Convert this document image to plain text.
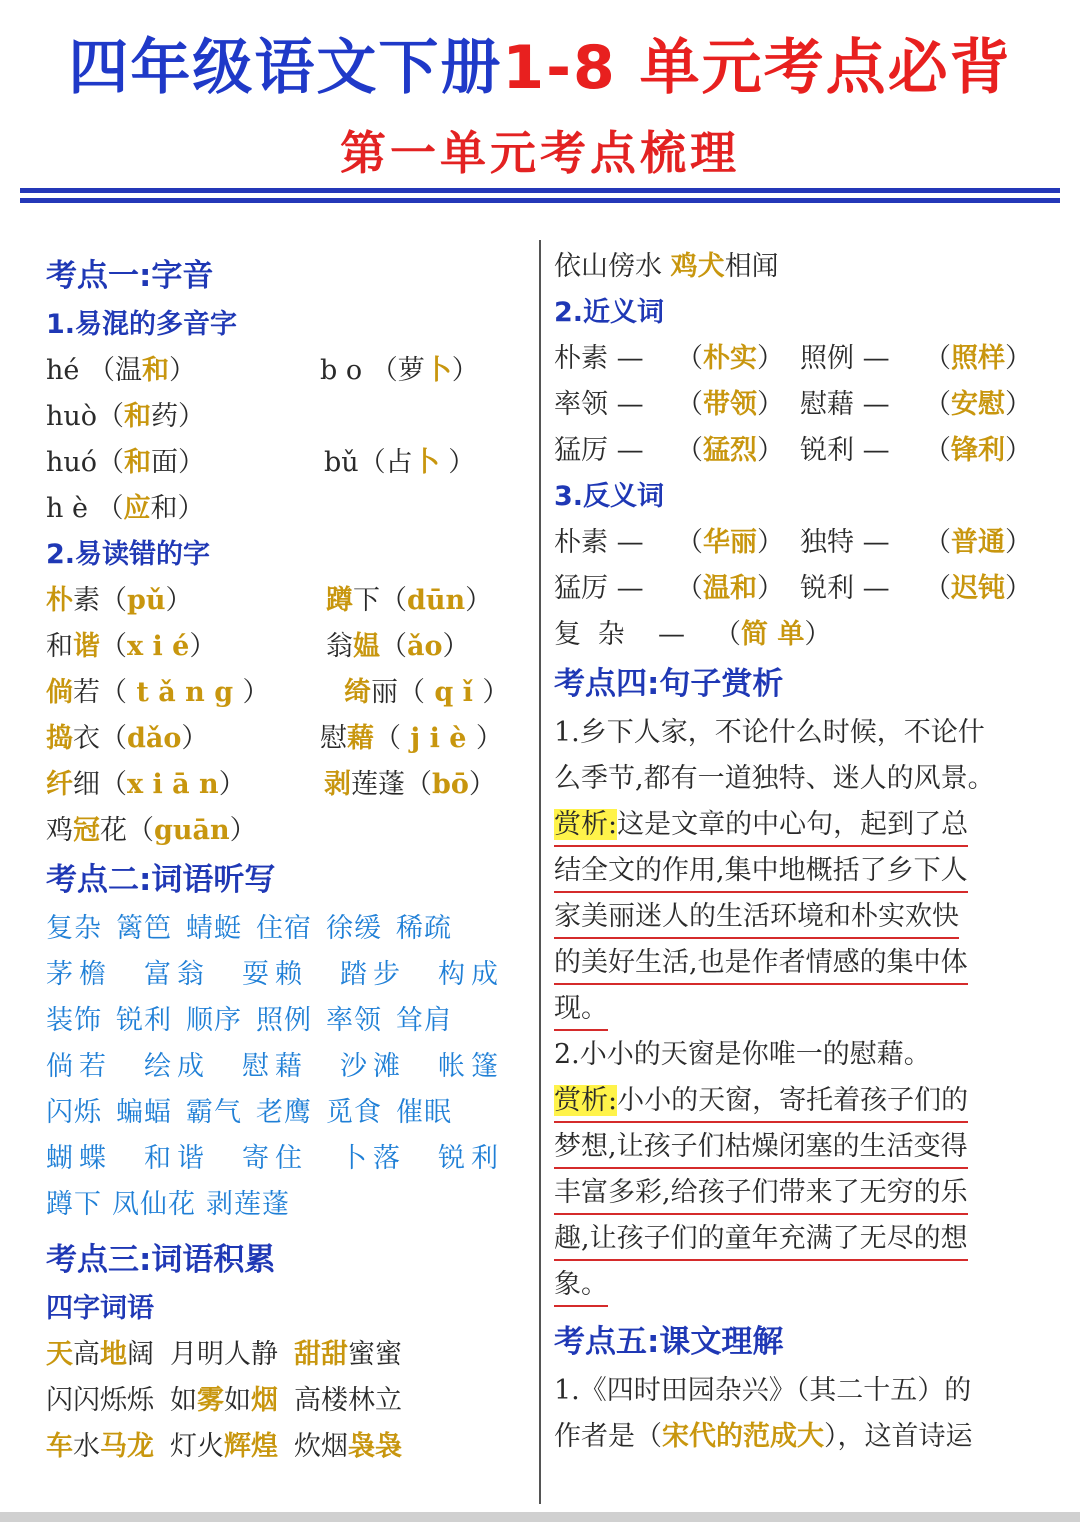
四年级语文下册1-8 单元考点必背
第一单元考点梳理
考点一:字音
1.易混的多音字
hé （温和）	b o （萝卜）
huò（和药）
huó（和面）	bǔ（占卜 ）
h è （应和）
2.易读错的字
朴素（pǔ）	蹲下（dūn）
和谐（x i é）	翁媪（ǎo）
倘若（ t ǎ n g ）	绮丽（ q ǐ ）
捣衣（dǎo）	慰藉（ j i è ）
纤细（x i ā n）	剥莲蓬（bō）
鸡冠花（guān）
考点二:词语听写
复杂 篱笆 蜻蜓 住宿 徐缓 稀疏
茅檐 富翁 耍赖 踏步 构成
装饰 锐利 顺序 照例 率领 耸肩
倘若 绘成 慰藉 沙滩 帐篷
闪烁 蝙蝠 霸气 老鹰 觅食 催眠
蝴蝶 和谐 寄住 卜落 锐利
蹲下 凤仙花 剥莲蓬
考点三:词语积累
四字词语
天高地阔 月明人静 甜甜蜜蜜
闪闪烁烁 如雾如烟 高楼林立
车水马龙 灯火辉煌 炊烟袅袅
依山傍水 鸡犬相闻
2.近义词
朴素 — （朴实） 照例 — （照样）
率领 — （带领） 慰藉 — （安慰）
猛厉 — （猛烈） 锐利 — （锋利）
3.反义词
朴素 — （华丽） 独特 — （普通）
猛厉 — （温和） 锐利 — （迟钝）
复 杂 — （简 单）
考点四:句子赏析
1.乡下人家，不论什么时候，不论什
么季节,都有一道独特、迷人的风景。
赏析:这是文章的中心句，起到了总
结全文的作用,集中地概括了乡下人
家美丽迷人的生活环境和朴实欢快
的美好生活,也是作者情感的集中体
现。
2.小小的天窗是你唯一的慰藉。
赏析:小小的天窗，寄托着孩子们的
梦想,让孩子们枯燥闭塞的生活变得
丰富多彩,给孩子们带来了无穷的乐
趣,让孩子们的童年充满了无尽的想
象。
考点五:课文理解
1.《四时田园杂兴》（其二十五）的
作者是（宋代的范成大），这首诗运
